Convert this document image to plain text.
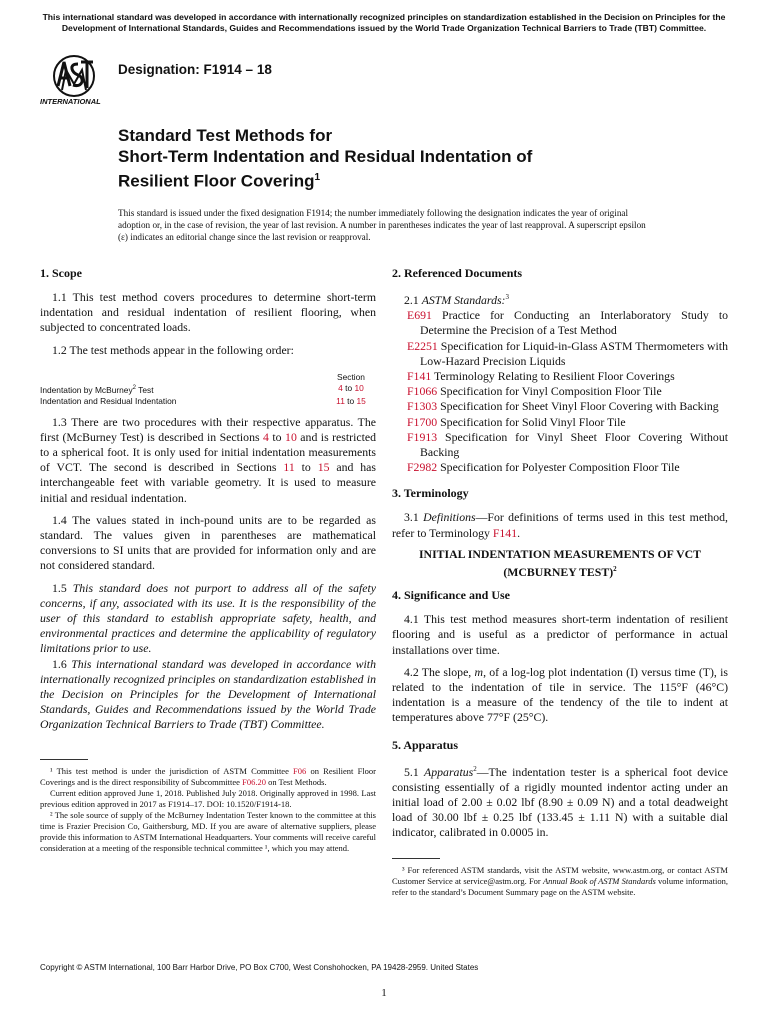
This international standard was developed in accordance with internationally recognized principles on standardization established in the Decision on Principles for the Development of International Standards, Guides and Recommendations issued by the World Trade Organization Technical Barriers to Trade (TBT) Committee.
INTERNATIONAL
Designation: F1914 – 18
Standard Test Methods for
Short-Term Indentation and Residual Indentation of
Resilient Floor Covering$^1$
This standard is issued under the fixed designation F1914; the number immediately following the designation indicates the year of original adoption or, in the case of revision, the year of last revision. A number in parentheses indicates the year of last reapproval. A superscript epsilon (ε) indicates an editorial change since the last revision or reapproval.
1. Scope

1.1 This test method covers procedures to determine short-term indentation and residual indentation of resilient flooring, when subjected to concentrated loads.

1.2 The test methods appear in the following order:

Section
Indentation by McBurney$^2$ Test	4 to 10
Indentation and Residual Indentation	11 to 15

1.3 There are two procedures with their respective apparatus. The first (McBurney Test) is described in Sections 4 to 10 and is restricted to a spherical foot. It is only used for initial indentation measurements of VCT. The second is described in Sections 11 to 15 and has interchangeable feet with variable geometry. It is used to measure initial and residual indentation.

1.4 The values stated in inch-pound units are to be regarded as standard. The values given in parentheses are mathematical conversions to SI units that are provided for information only and are not considered standard.

1.5 This standard does not purport to address all of the safety concerns, if any, associated with its use. It is the responsibility of the user of this standard to establish appropriate safety, health, and environmental practices and determine the applicability of regulatory limitations prior to use.

1.6 This international standard was developed in accordance with internationally recognized principles on standardization established in the Decision on Principles for the Development of International Standards, Guides and Recommendations issued by the World Trade Organization Technical Barriers to Trade (TBT) Committee.

¹ This test method is under the jurisdiction of ASTM Committee F06 on Resilient Floor Coverings and is the direct responsibility of Subcommittee F06.20 on Test Methods.

Current edition approved June 1, 2018. Published July 2018. Originally approved in 1998. Last previous edition approved in 2017 as F1914–17. DOI: 10.1520/F1914-18.

² The sole source of supply of the McBurney Indentation Tester known to the committee at this time is Frazier Precision Co, Gaithersburg, MD. If you are aware of alternative suppliers, please provide this information to ASTM International Headquarters. Your comments will receive careful consideration at a meeting of the responsible technical committee ¹, which you may attend.

2. Referenced Documents

2.1 ASTM Standards:$^3$

E691 Practice for Conducting an Interlaboratory Study to Determine the Precision of a Test Method

E2251 Specification for Liquid-in-Glass ASTM Thermometers with Low-Hazard Precision Liquids

F141 Terminology Relating to Resilient Floor Coverings

F1066 Specification for Vinyl Composition Floor Tile

F1303 Specification for Sheet Vinyl Floor Covering with Backing

F1700 Specification for Solid Vinyl Floor Tile

F1913 Specification for Vinyl Sheet Floor Covering Without Backing

F2982 Specification for Polyester Composition Floor Tile

3. Terminology

3.1 Definitions—For definitions of terms used in this test method, refer to Terminology F141.

INITIAL INDENTATION MEASUREMENTS OF VCT
(MCBURNEY TEST)$^2$
4. Significance and Use

4.1 This test method measures short-term indentation of resilient flooring and is useful as a predictor of performance in actual installations over time.

4.2 The slope, m, of a log-log plot indentation (I) versus time (T), is related to the indentation of tile in service. The 115°F (46°C) indentation is a measure of the tendency of the tile to indent at temperatures above 77°F (25°C).

5. Apparatus

5.1 Apparatus$^2$—The indentation tester is a spherical foot device consisting essentially of a rigidly mounted indentor acting under an initial load of 2.00 ± 0.02 lbf (8.90 ± 0.09 N) and a total deadweight load of 30.00 lbf ± 0.25 lbf (133.45 ± 1.11 N) with a suitable dial indicator, calibrated in 0.0005 in.

³ For referenced ASTM standards, visit the ASTM website, www.astm.org, or contact ASTM Customer Service at service@astm.org. For Annual Book of ASTM Standards volume information, refer to the standard’s Document Summary page on the ASTM website.

Copyright © ASTM International, 100 Barr Harbor Drive, PO Box C700, West Conshohocken, PA 19428-2959. United States
1
